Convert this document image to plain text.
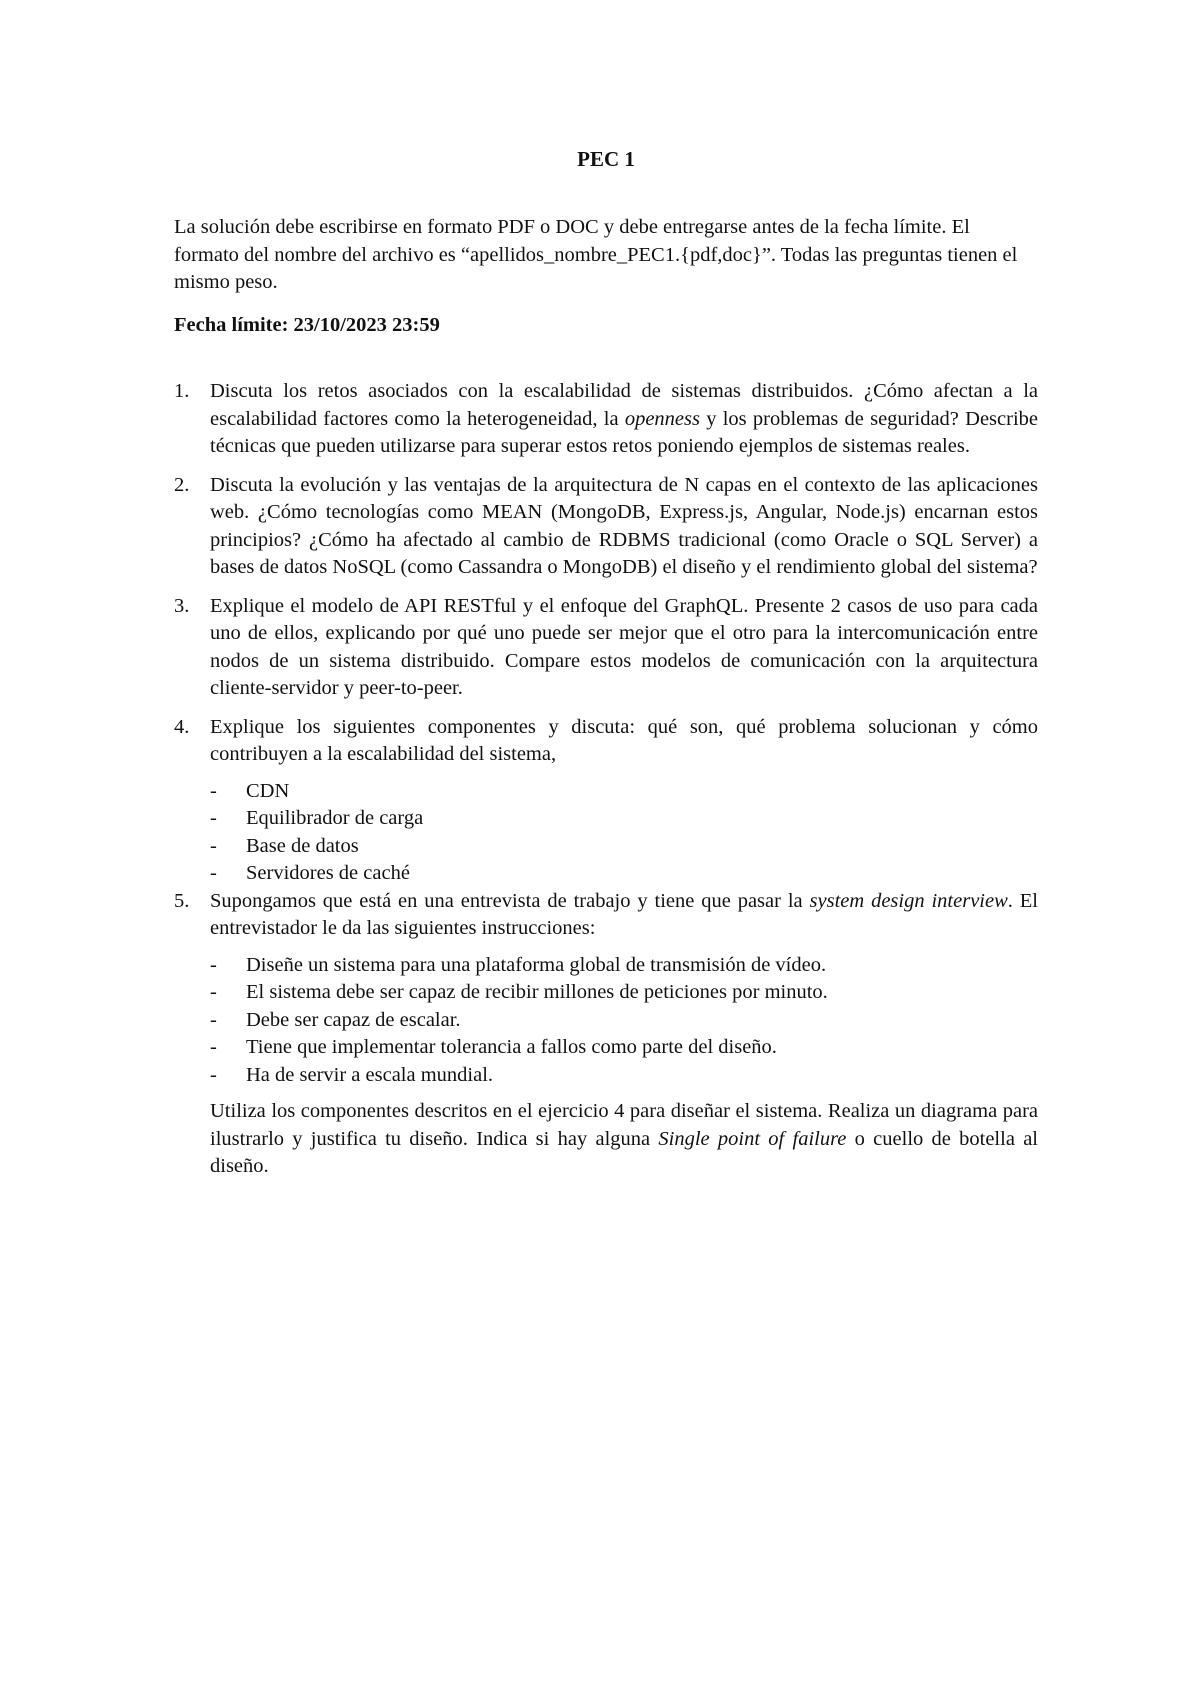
PEC 1

La solución debe escribirse en formato PDF o DOC y debe entregarse antes de la fecha límite. El formato del nombre del archivo es “apellidos_nombre_PEC1.{pdf,doc}”. Todas las preguntas tienen el mismo peso.

Fecha límite: 23/10/2023 23:59

1. Discuta los retos asociados con la escalabilidad de sistemas distribuidos. ¿Cómo afectan a la escalabilidad factores como la heterogeneidad, la openness y los problemas de seguridad? Describe técnicas que pueden utilizarse para superar estos retos poniendo ejemplos de sistemas reales.

2. Discuta la evolución y las ventajas de la arquitectura de N capas en el contexto de las aplicaciones web. ¿Cómo tecnologías como MEAN (MongoDB, Express.js, Angular, Node.js) encarnan estos principios? ¿Cómo ha afectado al cambio de RDBMS tradicional (como Oracle o SQL Server) a bases de datos NoSQL (como Cassandra o MongoDB) el diseño y el rendimiento global del sistema?

3. Explique el modelo de API RESTful y el enfoque del GraphQL. Presente 2 casos de uso para cada uno de ellos, explicando por qué uno puede ser mejor que el otro para la intercomunicación entre nodos de un sistema distribuido. Compare estos modelos de comunicación con la arquitectura cliente-servidor y peer-to-peer.

4. Explique los siguientes componentes y discuta: qué son, qué problema solucionan y cómo contribuyen a la escalabilidad del sistema,

- CDN
- Equilibrador de carga
- Base de datos
- Servidores de caché
5. Supongamos que está en una entrevista de trabajo y tiene que pasar la system design interview. El entrevistador le da las siguientes instrucciones:

- Diseñe un sistema para una plataforma global de transmisión de vídeo.
- El sistema debe ser capaz de recibir millones de peticiones por minuto.
- Debe ser capaz de escalar.
- Tiene que implementar tolerancia a fallos como parte del diseño.
- Ha de servir a escala mundial.

Utiliza los componentes descritos en el ejercicio 4 para diseñar el sistema. Realiza un diagrama para ilustrarlo y justifica tu diseño. Indica si hay alguna Single point of failure o cuello de botella al diseño.
